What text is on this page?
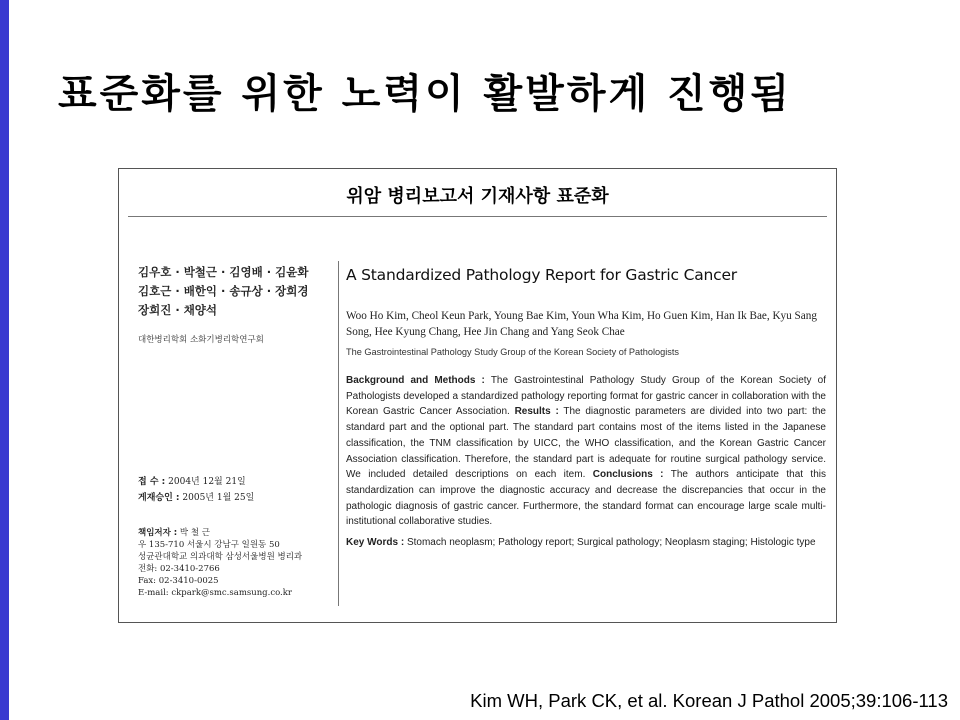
표준화를 위한 노력이 활발하게 진행됨
위암 병리보고서 기재사항 표준화
김우호 · 박철근 · 김영배 · 김윤화
김호근 · 배한익 · 송규상 · 장희경
장희진 · 채양석
대한병리학회 소화기병리학연구회
접 수 : 2004년 12월 21일
게재승인 : 2005년 1월 25일
책임저자 : 박 철 근
우 135-710 서울시 강남구 일원동 50
성균관대학교 의과대학 삼성서울병원 병리과
전화: 02-3410-2766
Fax: 02-3410-0025
E-mail: ckpark@smc.samsung.co.kr
A Standardized Pathology Report for Gastric Cancer
Woo Ho Kim, Cheol Keun Park, Young Bae Kim, Youn Wha Kim, Ho Guen Kim, Han Ik Bae, Kyu Sang Song, Hee Kyung Chang, Hee Jin Chang and Yang Seok Chae
The Gastrointestinal Pathology Study Group of the Korean Society of Pathologists
Background and Methods : The Gastrointestinal Pathology Study Group of the Korean Society of Pathologists developed a standardized pathology reporting format for gastric cancer in collaboration with the Korean Gastric Cancer Association. Results : The diagnostic parameters are divided into two part: the standard part and the optional part. The standard part contains most of the items listed in the Japanese classification, the TNM classification by UICC, the WHO classification, and the Korean Gastric Cancer Association classification. Therefore, the standard part is adequate for routine surgical pathology service. We included detailed descriptions on each item. Conclusions : The authors anticipate that this standardization can improve the diagnostic accuracy and decrease the discrepancies that occur in the pathologic diagnosis of gastric cancer. Furthermore, the standard format can encourage large scale multi-institutional collaborative studies.
Key Words : Stomach neoplasm; Pathology report; Surgical pathology; Neoplasm staging; Histologic type
Kim WH, Park CK, et al. Korean J Pathol 2005;39:106-113
